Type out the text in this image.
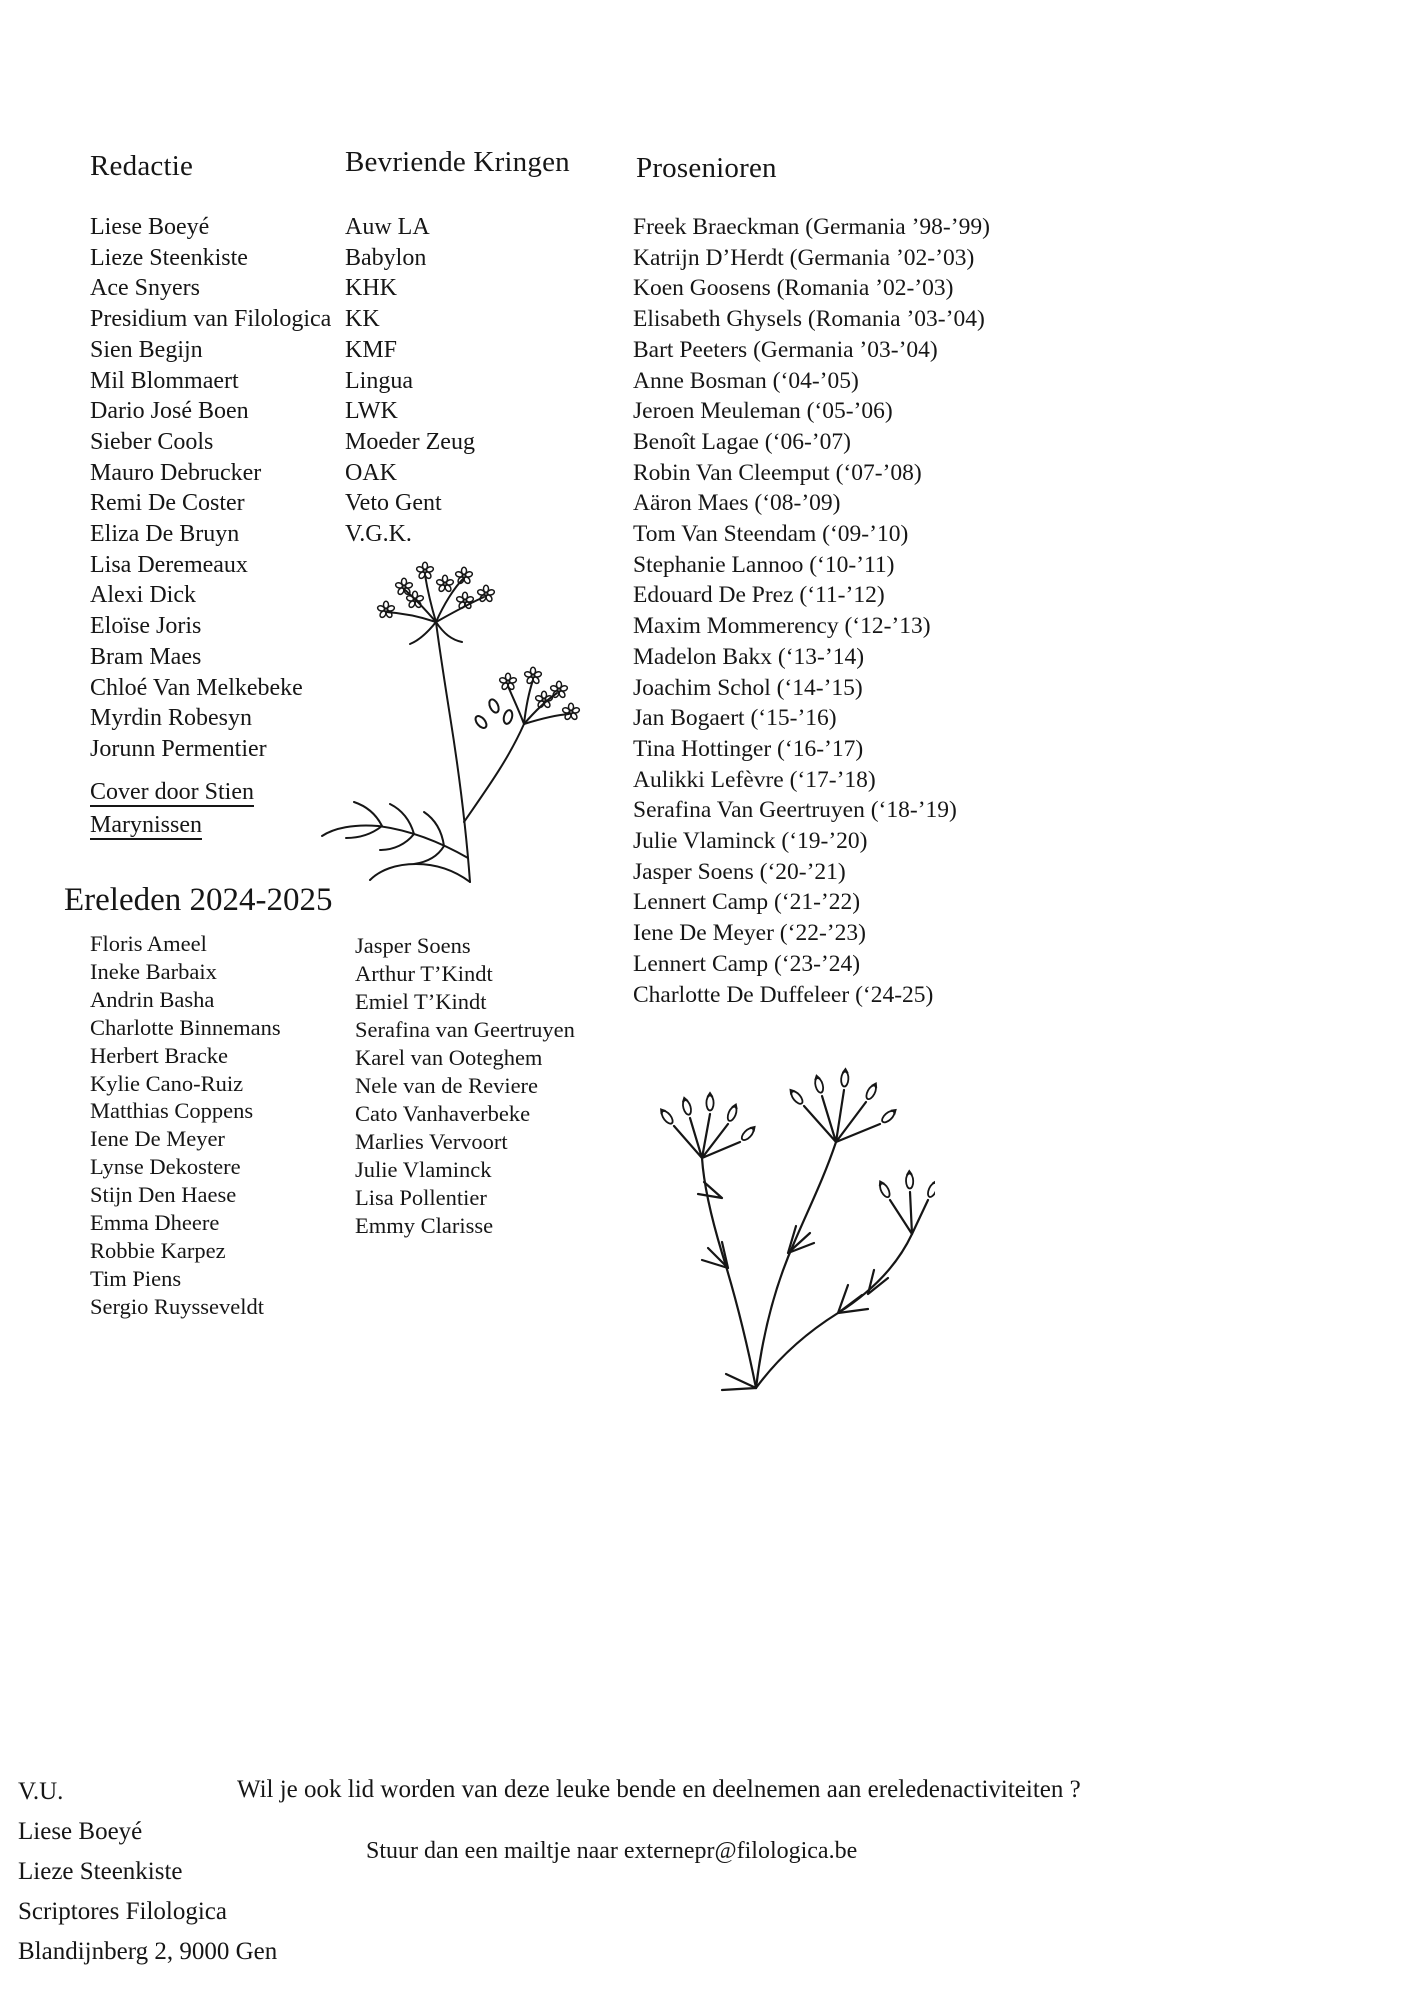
Redactie
Liese Boeyé
Lieze Steenkiste
Ace Snyers
Presidium van Filologica
Sien Begijn
Mil Blommaert
Dario José Boen
Sieber Cools
Mauro Debrucker
Remi De Coster
Eliza De Bruyn
Lisa Deremeaux
Alexi Dick
Eloïse Joris
Bram Maes
Chloé Van Melkebeke
Myrdin Robesyn
Jorunn Permentier
Cover door Stien
Marynissen
Bevriende Kringen
Auw LA
Babylon
KHK
KK
KMF
Lingua
LWK
Moeder Zeug
OAK
Veto Gent
V.G.K.
Prosenioren
Freek Braeckman (Germania ’98-’99)
Katrijn D’Herdt (Germania ’02-’03)
Koen Goosens (Romania ’02-’03)
Elisabeth Ghysels (Romania ’03-’04)
Bart Peeters (Germania ’03-’04)
Anne Bosman (‘04-’05)
Jeroen Meuleman (‘05-’06)
Benoît Lagae (‘06-’07)
Robin Van Cleemput (‘07-’08)
Aäron Maes (‘08-’09)
Tom Van Steendam (‘09-’10)
Stephanie Lannoo (‘10-’11)
Edouard De Prez (‘11-’12)
Maxim Mommerency (‘12-’13)
Madelon Bakx (‘13-’14)
Joachim Schol (‘14-’15)
Jan Bogaert (‘15-’16)
Tina Hottinger (‘16-’17)
Aulikki Lefèvre (‘17-’18)
Serafina Van Geertruyen (‘18-’19)
Julie Vlaminck (‘19-’20)
Jasper Soens (‘20-’21)
Lennert Camp (‘21-’22)
Iene De Meyer (‘22-’23)
Lennert Camp (‘23-’24)
Charlotte De Duffeleer (‘24-25)
Ereleden 2024-2025
Floris Ameel
Ineke Barbaix
Andrin Basha
Charlotte Binnemans
Herbert Bracke
Kylie Cano-Ruiz
Matthias Coppens
Iene De Meyer
Lynse Dekostere
Stijn Den Haese
Emma Dheere
Robbie Karpez
Tim Piens
Sergio Ruysseveldt
Jasper Soens
Arthur T’Kindt
Emiel T’Kindt
Serafina van Geertruyen
Karel van Ooteghem
Nele van de Reviere
Cato Vanhaverbeke
Marlies Vervoort
Julie Vlaminck
Lisa Pollentier
Emmy Clarisse
V.U.
Liese Boeyé
Lieze Steenkiste
Scriptores Filologica
Blandijnberg 2, 9000 Gen

Wil je ook lid worden van deze leuke bende en deelnemen aan ereledenactiviteiten ?

Stuur dan een mailtje naar externepr@filologica.be
